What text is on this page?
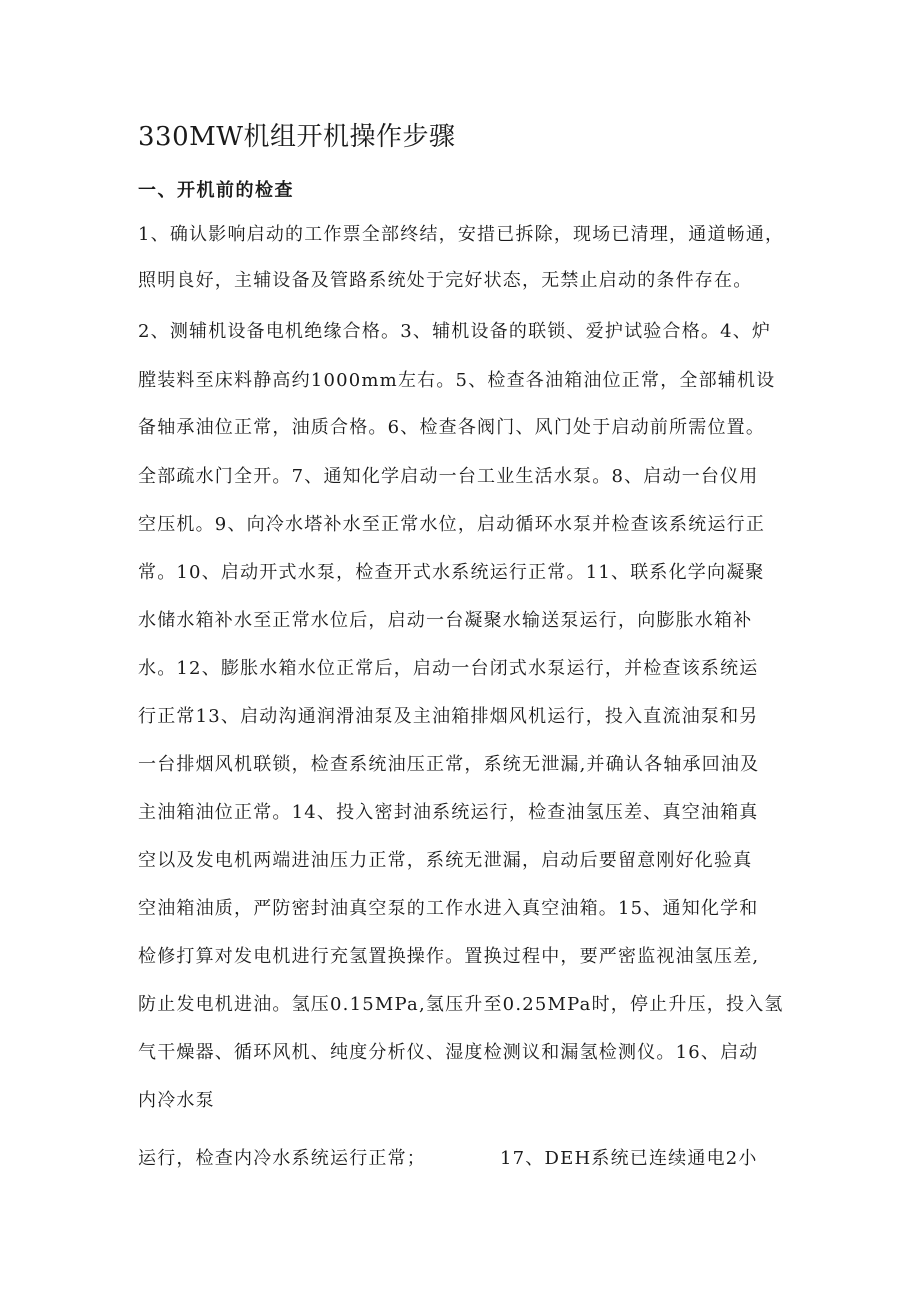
330MW机组开机操作步骤
一、开机前的检查
1、确认影响启动的工作票全部终结，安措已拆除，现场已清理，通道畅通，
照明良好，主辅设备及管路系统处于完好状态，无禁止启动的条件存在。
2、测辅机设备电机绝缘合格。3、辅机设备的联锁、爱护试验合格。4、炉
膛装料至床料静高约1000mm左右。5、检查各油箱油位正常，全部辅机设
备轴承油位正常，油质合格。6、检查各阀门、风门处于启动前所需位置。
全部疏水门全开。7、通知化学启动一台工业生活水泵。8、启动一台仪用
空压机。9、向冷水塔补水至正常水位，启动循环水泵并检查该系统运行正
常。10、启动开式水泵，检查开式水系统运行正常。11、联系化学向凝聚
水储水箱补水至正常水位后，启动一台凝聚水输送泵运行，向膨胀水箱补
水。12、膨胀水箱水位正常后，启动一台闭式水泵运行，并检查该系统运
行正常13、启动沟通润滑油泵及主油箱排烟风机运行，投入直流油泵和另
一台排烟风机联锁，检查系统油压正常，系统无泄漏,并确认各轴承回油及
主油箱油位正常。14、投入密封油系统运行，检查油氢压差、真空油箱真
空以及发电机两端进油压力正常，系统无泄漏，启动后要留意刚好化验真
空油箱油质，严防密封油真空泵的工作水进入真空油箱。15、通知化学和
检修打算对发电机进行充氢置换操作。置换过程中，要严密监视油氢压差,
防止发电机进油。氢压0.15MPa,氢压升至0.25MPa时，停止升压，投入氢
气干燥器、循环风机、纯度分析仪、湿度检测议和漏氢检测仪。16、启动
内冷水泵
运行，检查内冷水系统运行正常；	17、DEH系统已连续通电2小
